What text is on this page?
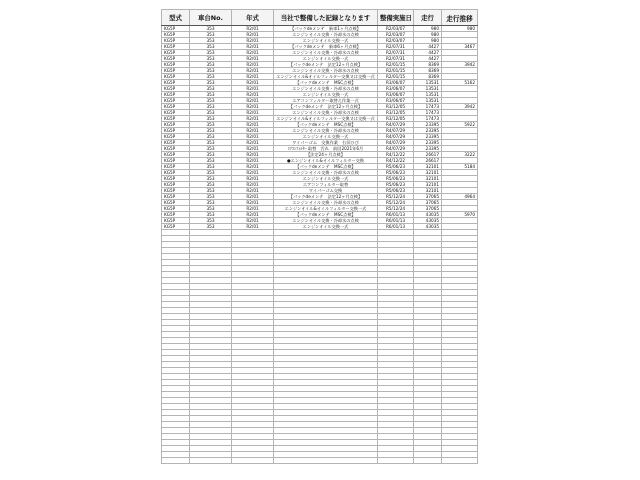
型式	車台No.	年式	当社で整備した記録となります	整備実施日	走行	走行推移
KG5P	353	R2/01	【パックdeメンテ　新車1ヶ月点検】	R2/03/07	980	980
KG5P	353	R2/01	エンジンオイル交換・冷却水の点検	R2/03/07	980	
KG5P	353	R2/01	エンジンオイル交換一式	R2/03/07	980	
KG5P	353	R2/01	【パックdeメンテ　新車6ヶ月点検】	R2/07/31	4427	3467
KG5P	353	R2/01	エンジンオイル交換・冷却水の点検	R2/07/31	4427	
KG5P	353	R2/01	エンジンオイル交換一式	R2/07/31	4427	
KG5P	353	R2/01	【パックdeメンテ　法定12ヶ月点検】	R2/01/15	8369	3942
KG5P	353	R2/01	エンジンオイル交換・冷却水の点検	R2/01/15	8369	
KG5P	353	R2/01	エンジンオイル&オイルフィルター交換又は交換一式	R2/01/15	8369	
KG5P	353	R2/01	【パックdeメンテ　MSC点検】	R3/06/07	13531	5162
KG5P	353	R2/01	エンジンオイル交換・冷却水の点検	R3/06/07	13531	
KG5P	353	R2/01	エンジンオイル交換一式	R3/06/07	13531	
KG5P	353	R2/01	エアコンフィルター取替え作業一式	R3/06/07	13531	
KG5P	353	R2/01	【パックdeメンテ　法定12ヶ月点検】	R3/12/05	17473	3942
KG5P	353	R2/01	エンジンオイル交換・冷却水の点検	R3/12/05	17473	
KG5P	353	R2/01	エンジンオイル&オイルフィルター交換又は交換一式	R3/12/05	17473	
KG5P	353	R2/01	【パックdeメンテ　MSC点検】	R4/07/29	23395	5922
KG5P	353	R2/01	エンジンオイル交換・冷却水の点検	R4/07/29	23395	
KG5P	353	R2/01	エンジンオイル交換一式	R4/07/29	23395	
KG5P	353	R2/01	ワイパーゴム　交換作業　右旧ひび	R4/07/29	23395	
KG5P	353	R2/01	ｴｱｺﾝﾌｨﾙﾀｰ 取替　汚れ　前回2021年6月	R4/07/29	23395	
KG5P	353	R2/01	【法定24ヶ月点検】	R4/12/22	26617	3222
KG5P	353	R2/01	●エンジンオイル&オイルフィルター交換	R4/12/22	26617	
KG5P	353	R2/01	【パックdeメンテ　MSC点検】	R5/06/23	32101	5184
KG5P	353	R2/01	エンジンオイル交換・冷却水の点検	R5/06/23	32101	
KG5P	353	R2/01	エンジンオイル交換一式	R5/06/23	32101	
KG5P	353	R2/01	エアコンフィルター取替	R5/06/23	32101	
KG5P	353	R2/01	ワイパーゴム交換	R5/06/23	32101	
KG5P	353	R2/01	【パックdeメンテ　法定12ヶ月点検】	R5/12/24	37065	4964
KG5P	353	R2/01	エンジンオイル交換・冷却水の点検	R5/12/24	37065	
KG5P	353	R2/01	エンジンオイル&オイルフィルター交換一式	R5/12/24	37065	
KG5P	353	R2/01	【パックdeメンテ　MSC点検】	R6/01/13	43035	5970
KG5P	353	R2/01	エンジンオイル交換・冷却水の点検	R6/01/13	43035	
KG5P	353	R2/01	エンジンオイル交換一式	R6/01/13	43035	
